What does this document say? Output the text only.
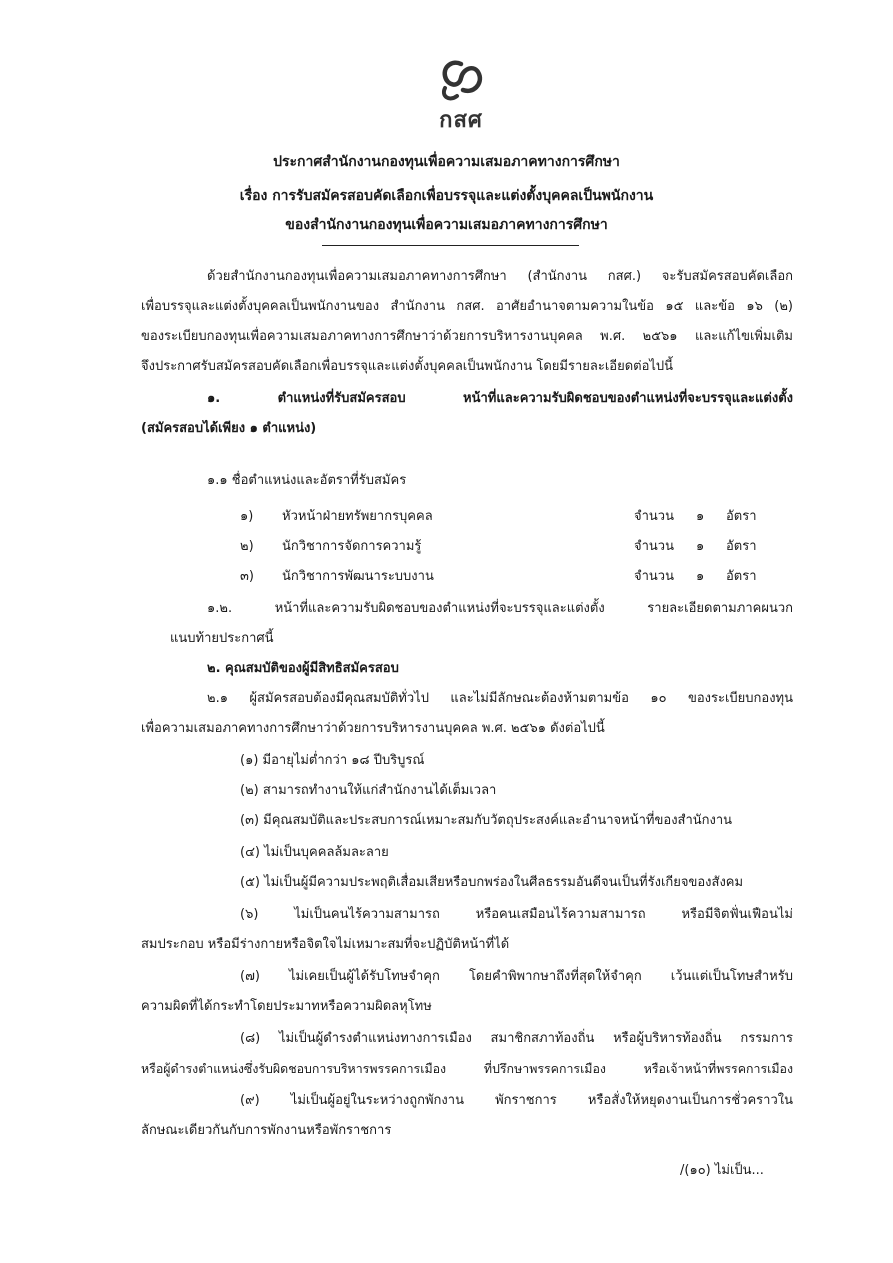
กสศ
ประกาศสำนักงานกองทุนเพื่อความเสมอภาคทางการศึกษา
เรื่อง การรับสมัครสอบคัดเลือกเพื่อบรรจุและแต่งตั้งบุคคลเป็นพนักงาน
ของสำนักงานกองทุนเพื่อความเสมอภาคทางการศึกษา
ด้วยสำนักงานกองทุนเพื่อความเสมอภาคทางการศึกษา (สำนักงาน กสศ.) จะรับสมัครสอบคัดเลือก
เพื่อบรรจุและแต่งตั้งบุคคลเป็นพนักงานของ สำนักงาน กสศ. อาศัยอำนาจตามความในข้อ ๑๕ และข้อ ๑๖ (๒)
ของระเบียบกองทุนเพื่อความเสมอภาคทางการศึกษาว่าด้วยการบริหารงานบุคคล พ.ศ. ๒๕๖๑ และแก้ไขเพิ่มเติม
จึงประกาศรับสมัครสอบคัดเลือกเพื่อบรรจุและแต่งตั้งบุคคลเป็นพนักงาน โดยมีรายละเอียดต่อไปนี้
๑. ตำแหน่งที่รับสมัครสอบ หน้าที่และความรับผิดชอบของตำแหน่งที่จะบรรจุและแต่งตั้ง
(สมัครสอบได้เพียง ๑ ตำแหน่ง)
๑.๑ ชื่อตำแหน่งและอัตราที่รับสมัคร
๑) หัวหน้าฝ่ายทรัพยากรบุคคล	จำนวน ๑ อัตรา
๒) นักวิชาการจัดการความรู้	จำนวน ๑ อัตรา
๓) นักวิชาการพัฒนาระบบงาน	จำนวน ๑ อัตรา
๑.๒. หน้าที่และความรับผิดชอบของตำแหน่งที่จะบรรจุและแต่งตั้ง รายละเอียดตามภาคผนวก
แนบท้ายประกาศนี้
๒. คุณสมบัติของผู้มีสิทธิสมัครสอบ
๒.๑ ผู้สมัครสอบต้องมีคุณสมบัติทั่วไป และไม่มีลักษณะต้องห้ามตามข้อ ๑๐ ของระเบียบกองทุน
เพื่อความเสมอภาคทางการศึกษาว่าด้วยการบริหารงานบุคคล พ.ศ. ๒๕๖๑ ดังต่อไปนี้
(๑) มีอายุไม่ต่ำกว่า ๑๘ ปีบริบูรณ์
(๒) สามารถทำงานให้แก่สำนักงานได้เต็มเวลา
(๓) มีคุณสมบัติและประสบการณ์เหมาะสมกับวัตถุประสงค์และอำนาจหน้าที่ของสำนักงาน
(๔) ไม่เป็นบุคคลล้มละลาย
(๕) ไม่เป็นผู้มีความประพฤติเสื่อมเสียหรือบกพร่องในศีลธรรมอันดีจนเป็นที่รังเกียจของสังคม
(๖) ไม่เป็นคนไร้ความสามารถ หรือคนเสมือนไร้ความสามารถ หรือมีจิตฟั่นเฟือนไม่
สมประกอบ หรือมีร่างกายหรือจิตใจไม่เหมาะสมที่จะปฏิบัติหน้าที่ได้
(๗) ไม่เคยเป็นผู้ได้รับโทษจำคุก โดยคำพิพากษาถึงที่สุดให้จำคุก เว้นแต่เป็นโทษสำหรับ
ความผิดที่ได้กระทำโดยประมาทหรือความผิดลหุโทษ
(๘) ไม่เป็นผู้ดำรงตำแหน่งทางการเมือง สมาชิกสภาท้องถิ่น หรือผู้บริหารท้องถิ่น กรรมการ
หรือผู้ดำรงตำแหน่งซึ่งรับผิดชอบการบริหารพรรคการเมือง ที่ปรึกษาพรรคการเมือง หรือเจ้าหน้าที่พรรคการเมือง
(๙) ไม่เป็นผู้อยู่ในระหว่างถูกพักงาน พักราชการ หรือสั่งให้หยุดงานเป็นการชั่วคราวใน
ลักษณะเดียวกันกับการพักงานหรือพักราชการ
/(๑๐) ไม่เป็น...
